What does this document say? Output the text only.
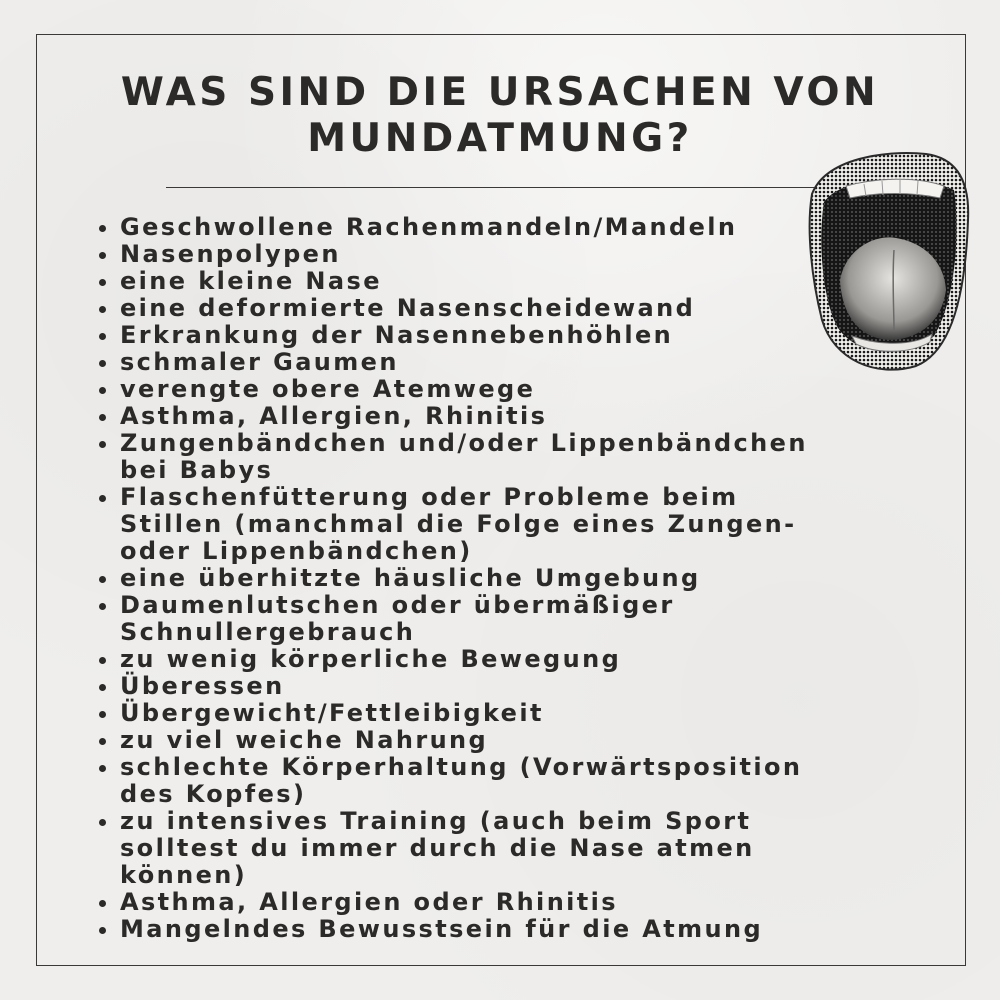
WAS SIND DIE URSACHEN VON
MUNDATMUNG?
Geschwollene Rachenmandeln/Mandeln
Nasenpolypen
eine kleine Nase
eine deformierte Nasenscheidewand
Erkrankung der Nasennebenhöhlen
schmaler Gaumen
verengte obere Atemwege
Asthma, Allergien, Rhinitis
Zungenbändchen und/oder Lippenbändchen
bei Babys
Flaschenfütterung oder Probleme beim
Stillen (manchmal die Folge eines Zungen-
oder Lippenbändchen)
eine überhitzte häusliche Umgebung
Daumenlutschen oder übermäßiger
Schnullergebrauch
zu wenig körperliche Bewegung
Überessen
Übergewicht/Fettleibigkeit
zu viel weiche Nahrung
schlechte Körperhaltung (Vorwärtsposition
des Kopfes)
zu intensives Training (auch beim Sport
solltest du immer durch die Nase atmen
können)
Asthma, Allergien oder Rhinitis
Mangelndes Bewusstsein für die Atmung
